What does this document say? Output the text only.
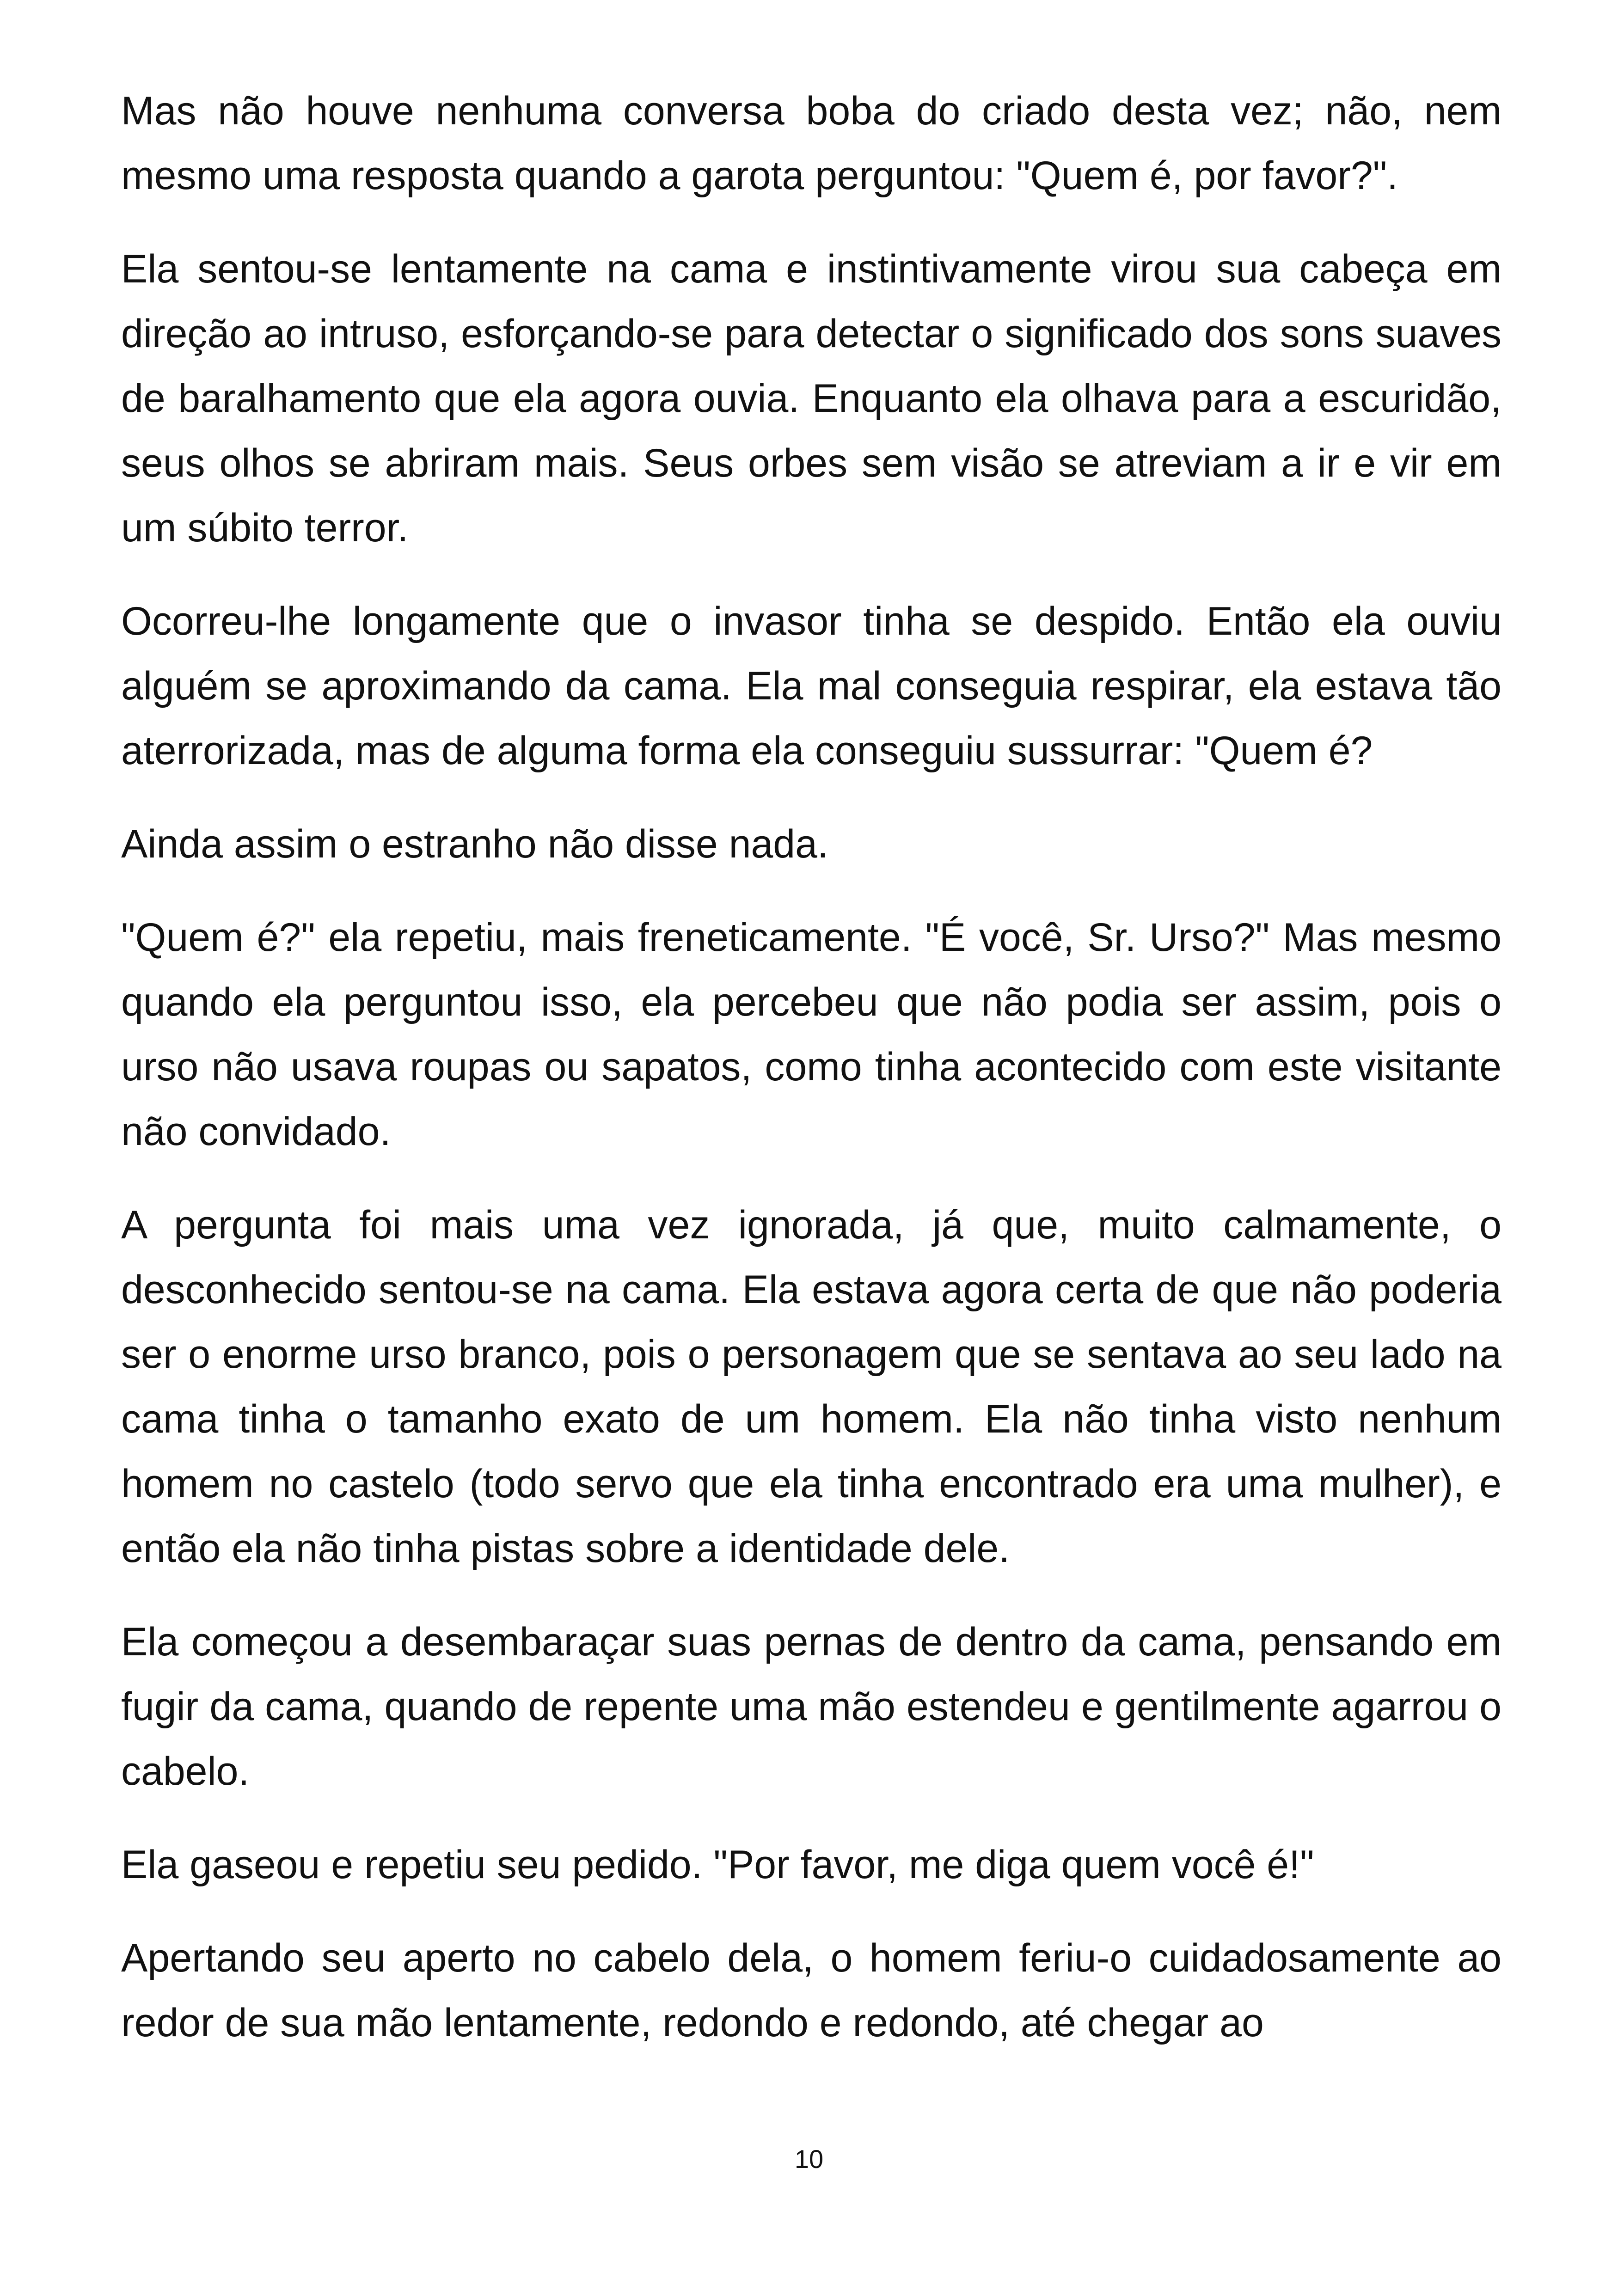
Mas não houve nenhuma conversa boba do criado desta vez; não, nem mesmo uma resposta quando a garota perguntou: "Quem é, por favor?".

Ela sentou-se lentamente na cama e instintivamente virou sua cabeça em direção ao intruso, esforçando-se para detectar o significado dos sons suaves de baralhamento que ela agora ouvia. Enquanto ela olhava para a escuridão, seus olhos se abriram mais. Seus orbes sem visão se atreviam a ir e vir em um súbito terror.

Ocorreu-lhe longamente que o invasor tinha se despido. Então ela ouviu alguém se aproximando da cama. Ela mal conseguia respirar, ela estava tão aterrorizada, mas de alguma forma ela conseguiu sussurrar: "Quem é?

Ainda assim o estranho não disse nada.

"Quem é?" ela repetiu, mais freneticamente. "É você, Sr. Urso?" Mas mesmo quando ela perguntou isso, ela percebeu que não podia ser assim, pois o urso não usava roupas ou sapatos, como tinha acontecido com este visitante não convidado.

A pergunta foi mais uma vez ignorada, já que, muito calmamente, o desconhecido sentou-se na cama. Ela estava agora certa de que não poderia ser o enorme urso branco, pois o personagem que se sentava ao seu lado na cama tinha o tamanho exato de um homem. Ela não tinha visto nenhum homem no castelo (todo servo que ela tinha encontrado era uma mulher), e então ela não tinha pistas sobre a identidade dele.

Ela começou a desembaraçar suas pernas de dentro da cama, pensando em fugir da cama, quando de repente uma mão estendeu e gentilmente agarrou o cabelo.

Ela gaseou e repetiu seu pedido. "Por favor, me diga quem você é!"

Apertando seu aperto no cabelo dela, o homem feriu-o cuidadosamente ao redor de sua mão lentamente, redondo e redondo, até chegar ao

10
